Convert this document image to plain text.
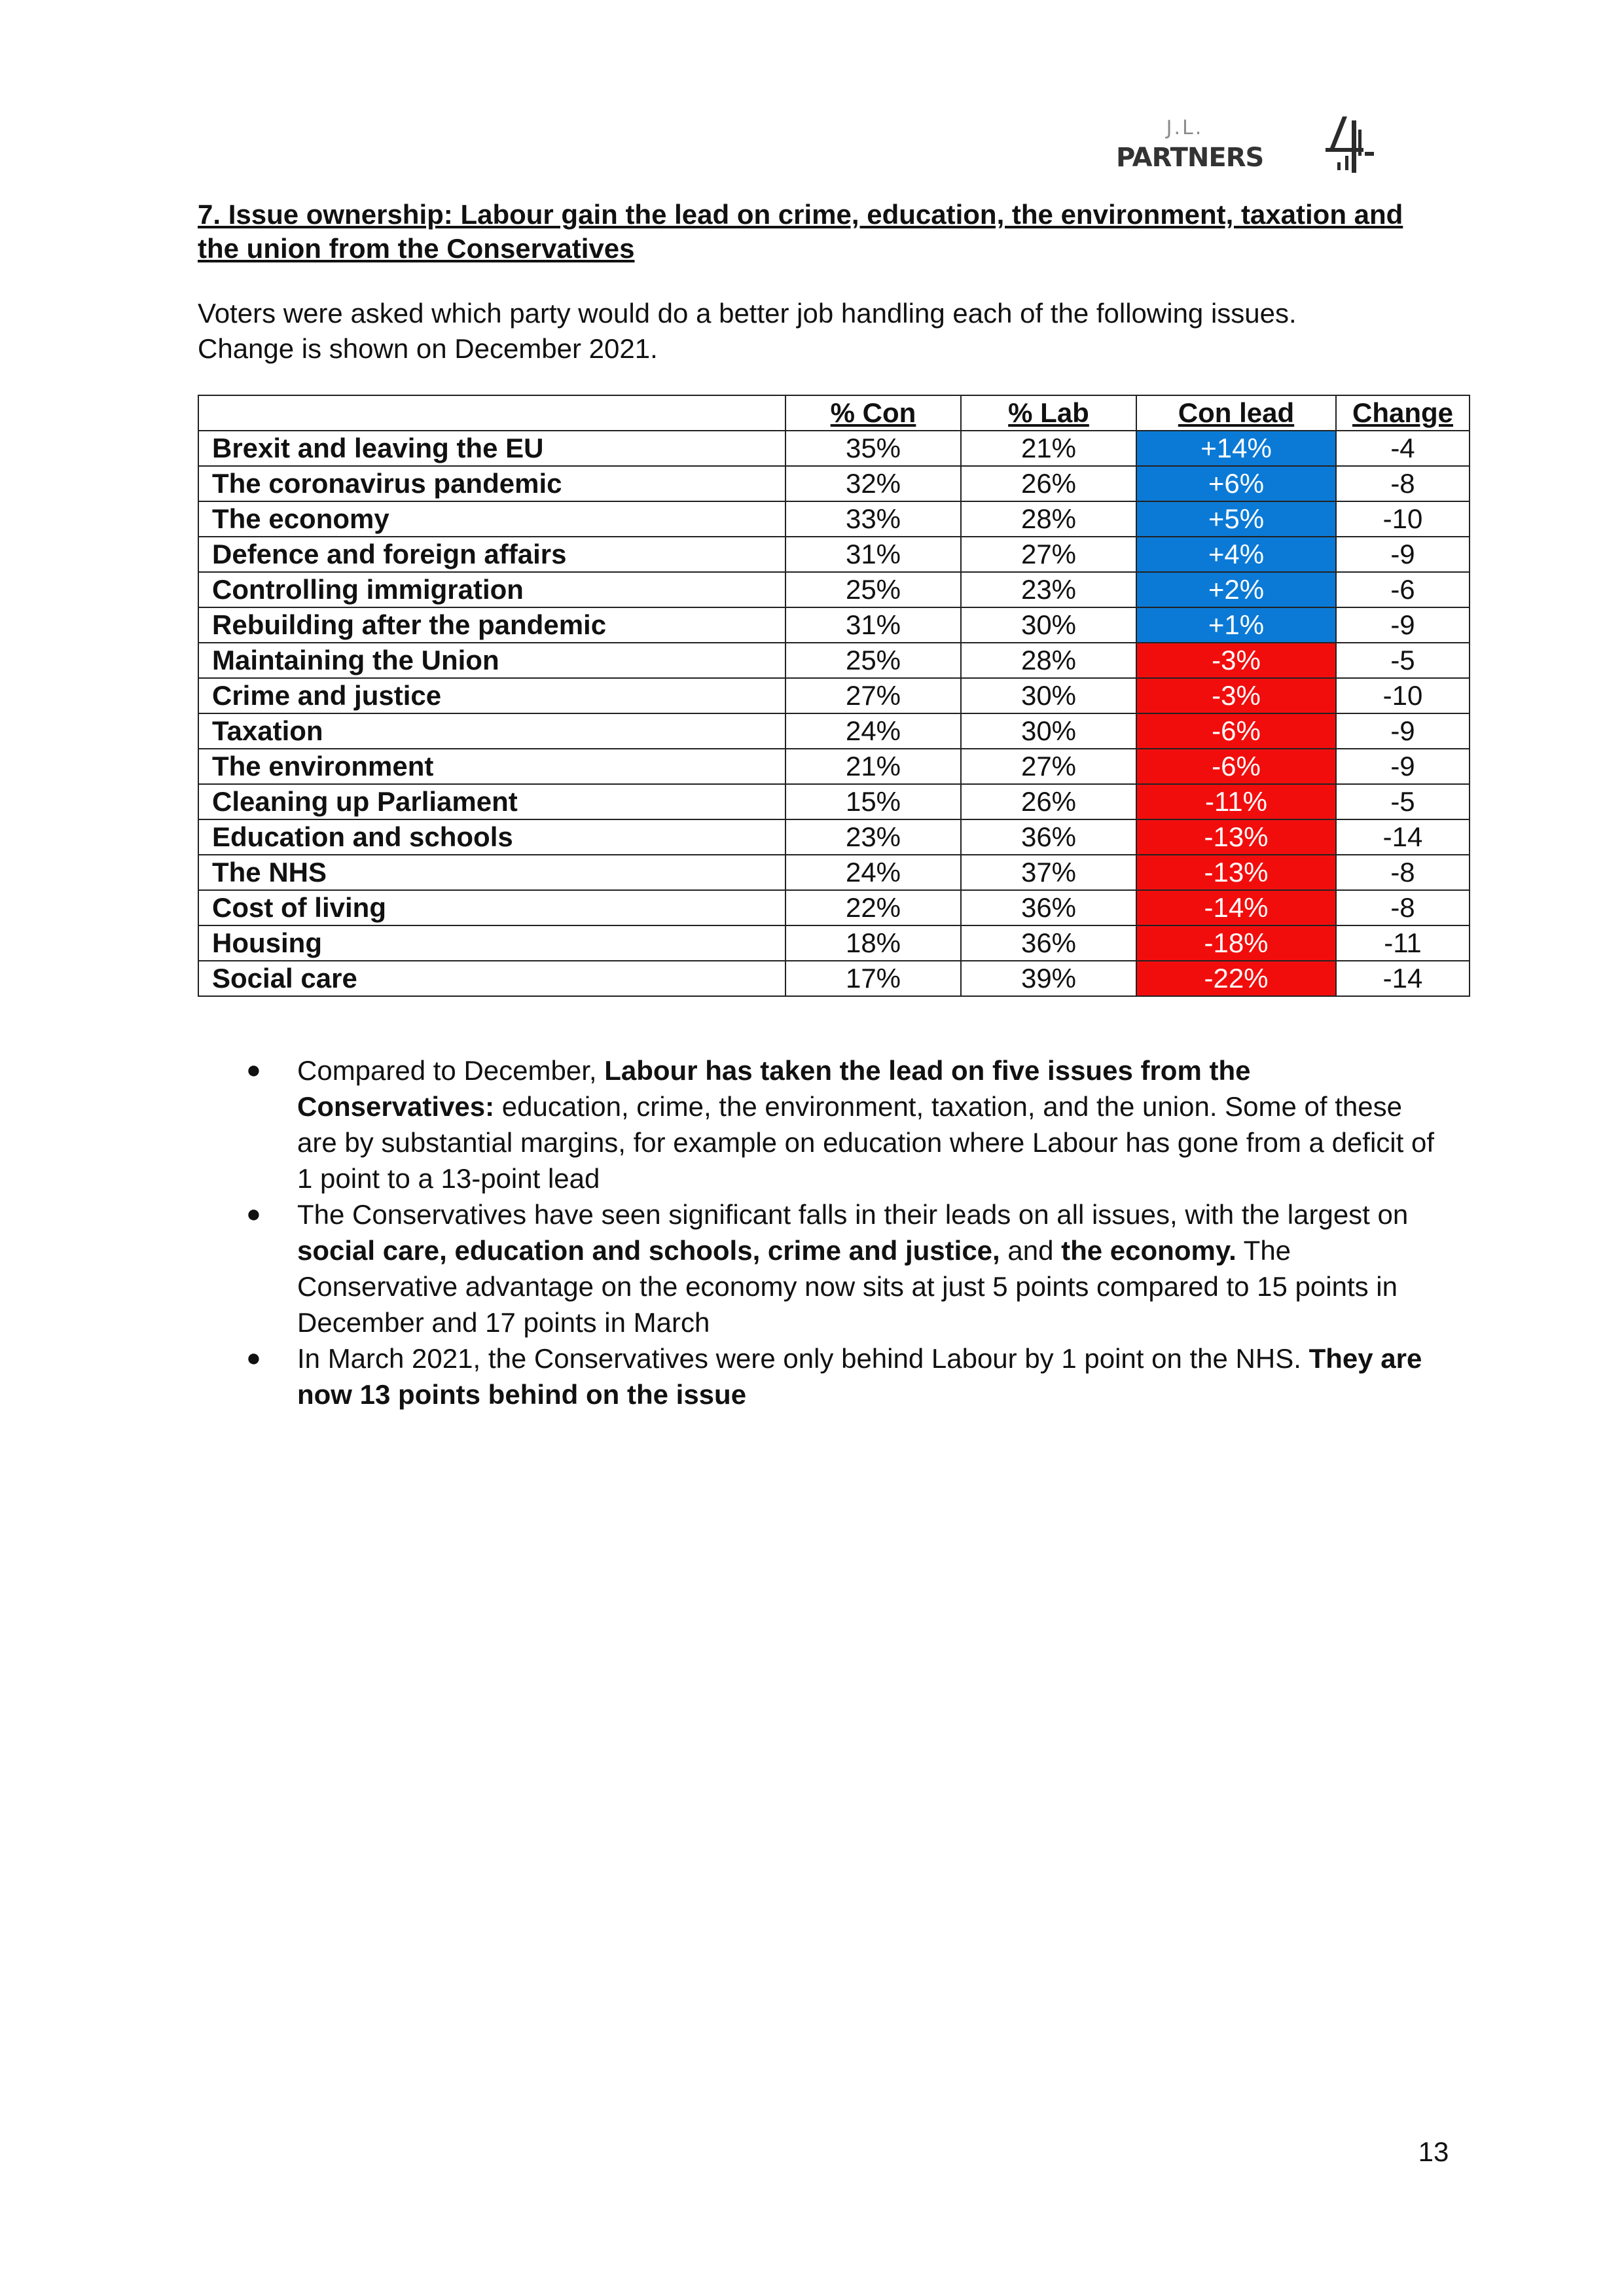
J.L.
PARTNERS
7. Issue ownership: Labour gain the lead on crime, education, the environment, taxation and the union from the Conservatives
Voters were asked which party would do a better job handling each of the following issues.
Change is shown on December 2021.
	% Con	% Lab	Con lead	Change
Brexit and leaving the EU	35%	21%	+14%	-4
The coronavirus pandemic	32%	26%	+6%	-8
The economy	33%	28%	+5%	-10
Defence and foreign affairs	31%	27%	+4%	-9
Controlling immigration	25%	23%	+2%	-6
Rebuilding after the pandemic	31%	30%	+1%	-9
Maintaining the Union	25%	28%	-3%	-5
Crime and justice	27%	30%	-3%	-10
Taxation	24%	30%	-6%	-9
The environment	21%	27%	-6%	-9
Cleaning up Parliament	15%	26%	-11%	-5
Education and schools	23%	36%	-13%	-14
The NHS	24%	37%	-13%	-8
Cost of living	22%	36%	-14%	-8
Housing	18%	36%	-18%	-11
Social care	17%	39%	-22%	-14
● Compared to December, Labour has taken the lead on five issues from the Conservatives: education, crime, the environment, taxation, and the union. Some of these are by substantial margins, for example on education where Labour has gone from a deficit of 1 point to a 13-point lead
● The Conservatives have seen significant falls in their leads on all issues, with the largest on social care, education and schools, crime and justice, and the economy. The Conservative advantage on the economy now sits at just 5 points compared to 15 points in December and 17 points in March
● In March 2021, the Conservatives were only behind Labour by 1 point on the NHS. They are now 13 points behind on the issue
13
